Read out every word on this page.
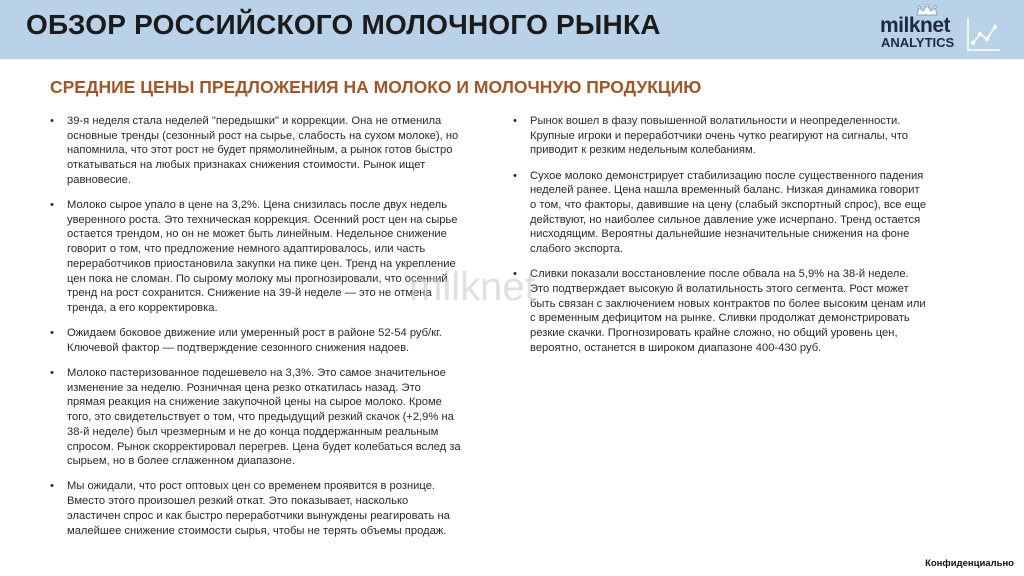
ОБЗОР РОССИЙСКОГО МОЛОЧНОГО РЫНКА	milknet
ANALYTICS
СРЕДНИЕ ЦЕНЫ ПРЕДЛОЖЕНИЯ НА МОЛОКО И МОЛОЧНУЮ ПРОДУКЦИЮ
• 39-я неделя стала неделей "передышки" и коррекции. Она не отменила основные тренды (сезонный рост на сырье, слабость на сухом молоке), но напомнила, что этот рост не будет прямолинейным, а рынок готов быстро откатываться на любых признаках снижения стоимости. Рынок ищет равновесие.
• Молоко сырое упало в цене на 3,2%. Цена снизилась после двух недель уверенного роста. Это техническая коррекция. Осенний рост цен на сырье остается трендом, но он не может быть линейным. Недельное снижение говорит о том, что предложение немного адаптировалось, или часть переработчиков приостановила закупки на пике цен. Тренд на укрепление цен пока не сломан. По сырому молоку мы прогнозировали, что осенний тренд на рост сохранится. Снижение на 39-й неделе — это не отмена тренда, а его корректировка.
• Ожидаем боковое движение или умеренный рост в районе 52-54 руб/кг. Ключевой фактор — подтверждение сезонного снижения надоев.
• Молоко пастеризованное подешевело на 3,3%. Это самое значительное изменение за неделю. Розничная цена резко откатилась назад. Это прямая реакция на снижение закупочной цены на сырое молоко. Кроме того, это свидетельствует о том, что предыдущий резкий скачок (+2,9% на 38-й неделе) был чрезмерным и не до конца поддержанным реальным спросом. Рынок скорректировал перегрев. Цена будет колебаться вслед за сырьем, но в более сглаженном диапазоне.
• Мы ожидали, что рост оптовых цен со временем проявится в рознице. Вместо этого произошел резкий откат. Это показывает, насколько эластичен спрос и как быстро переработчики вынуждены реагировать на малейшее снижение стоимости сырья, чтобы не терять объемы продаж.
• Рынок вошел в фазу повышенной волатильности и неопределенности. Крупные игроки и переработчики очень чутко реагируют на сигналы, что приводит к резким недельным колебаниям.
• Сухое молоко демонстрирует стабилизацию после существенного падения неделей ранее. Цена нашла временный баланс. Низкая динамика говорит о том, что факторы, давившие на цену (слабый экспортный спрос), все еще действуют, но наиболее сильное давление уже исчерпано. Тренд остается нисходящим. Вероятны дальнейшие незначительные снижения на фоне слабого экспорта.
• Сливки показали восстановление после обвала на 5,9% на 38-й неделе. Это подтверждает высокую й волатильность этого сегмента. Рост может быть связан с заключением новых контрактов по более высоким ценам или с временным дефицитом на рынке. Сливки продолжат демонстрировать резкие скачки. Прогнозировать крайне сложно, но общий уровень цен, вероятно, останется в широком диапазоне 400-430 руб.
milknet
Конфиденциально
